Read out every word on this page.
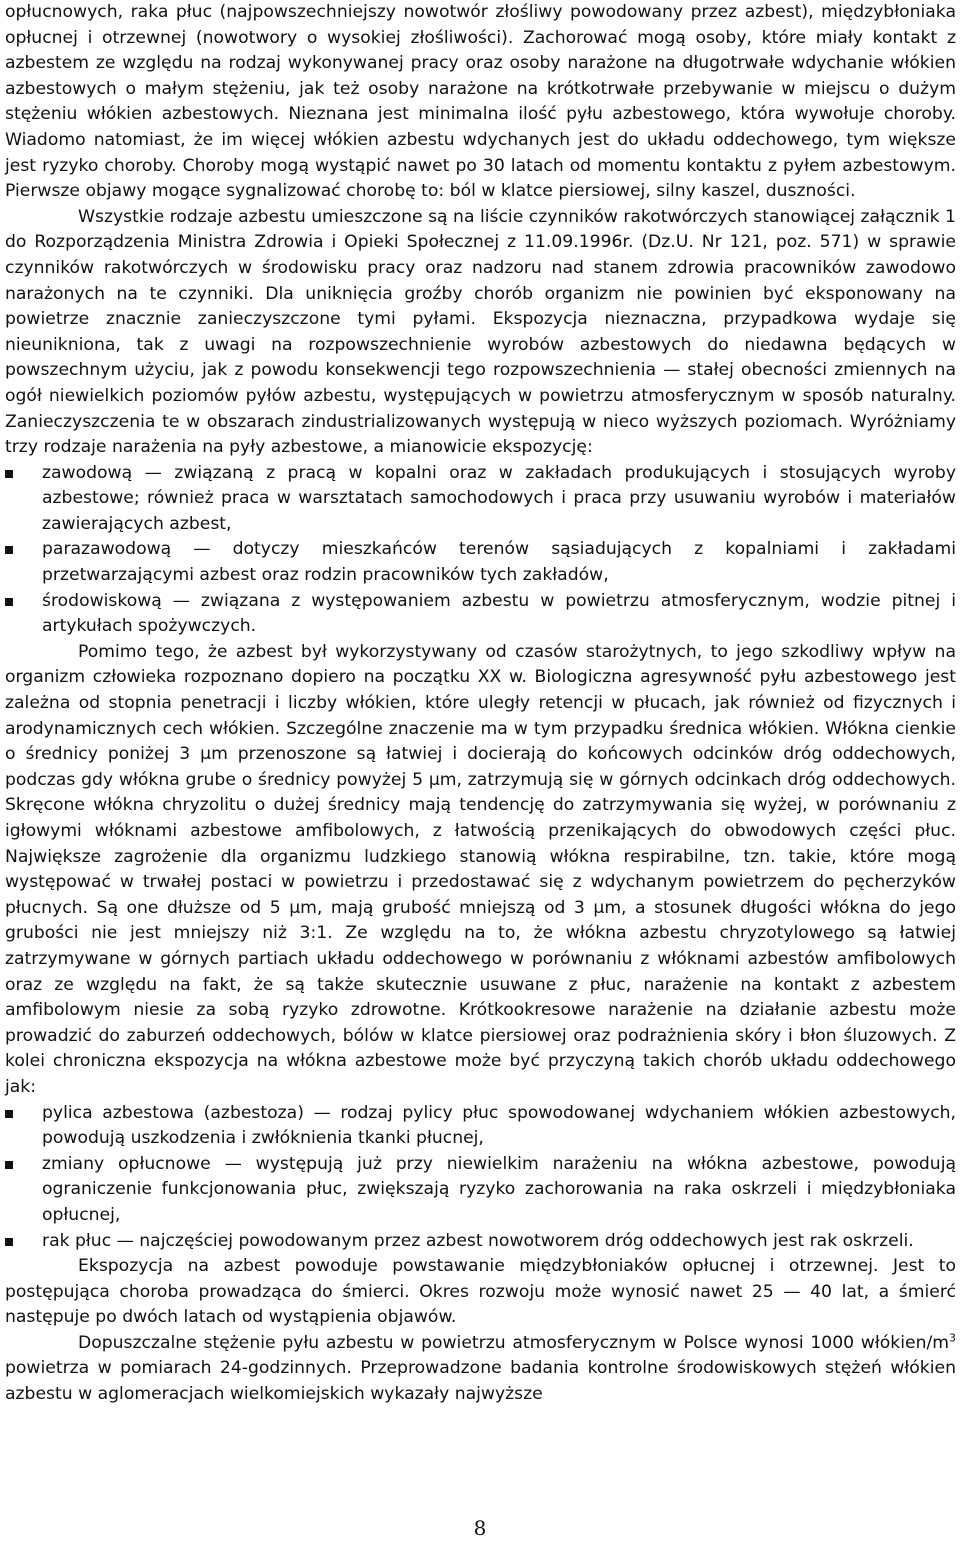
opłucnowych, raka płuc (najpowszechniejszy nowotwór złośliwy powodowany przez azbest), międzybłoniaka opłucnej i otrzewnej (nowotwory o wysokiej złośliwości). Zachorować mogą osoby, które miały kontakt z azbestem ze względu na rodzaj wykonywanej pracy oraz osoby narażone na długotrwałe wdychanie włókien azbestowych o małym stężeniu, jak też osoby narażone na krótkotrwałe przebywanie w miejscu o dużym stężeniu włókien azbestowych. Nieznana jest minimalna ilość pyłu azbestowego, która wywołuje choroby. Wiadomo natomiast, że im więcej włókien azbestu wdychanych jest do układu oddechowego, tym większe jest ryzyko choroby. Choroby mogą wystąpić nawet po 30 latach od momentu kontaktu z pyłem azbestowym. Pierwsze objawy mogące sygnalizować chorobę to: ból w klatce piersiowej, silny kaszel, duszności.

Wszystkie rodzaje azbestu umieszczone są na liście czynników rakotwórczych stanowiącej załącznik 1 do Rozporządzenia Ministra Zdrowia i Opieki Społecznej z 11.09.1996r. (Dz.U. Nr 121, poz. 571) w sprawie czynników rakotwórczych w środowisku pracy oraz nadzoru nad stanem zdrowia pracowników zawodowo narażonych na te czynniki. Dla uniknięcia groźby chorób organizm nie powinien być eksponowany na powietrze znacznie zanieczyszczone tymi pyłami. Ekspozycja nieznaczna, przypadkowa wydaje się nieunikniona, tak z uwagi na rozpowszechnienie wyrobów azbestowych do niedawna będących w powszechnym użyciu, jak z powodu konsekwencji tego rozpowszechnienia — stałej obecności zmiennych na ogół niewielkich poziomów pyłów azbestu, występujących w powietrzu atmosferycznym w sposób naturalny. Zanieczyszczenia te w obszarach zindustrializowanych występują w nieco wyższych poziomach. Wyróżniamy trzy rodzaje narażenia na pyły azbestowe, a mianowicie ekspozycję:

zawodową — związaną z pracą w kopalni oraz w zakładach produkujących i stosujących wyroby azbestowe; również praca w warsztatach samochodowych i praca przy usuwaniu wyrobów i materiałów zawierających azbest,
parazawodową — dotyczy mieszkańców terenów sąsiadujących z kopalniami i zakładami przetwarzającymi azbest oraz rodzin pracowników tych zakładów,
środowiskową — związana z występowaniem azbestu w powietrzu atmosferycznym, wodzie pitnej i artykułach spożywczych.

Pomimo tego, że azbest był wykorzystywany od czasów starożytnych, to jego szkodliwy wpływ na organizm człowieka rozpoznano dopiero na początku XX w. Biologiczna agresywność pyłu azbestowego jest zależna od stopnia penetracji i liczby włókien, które uległy retencji w płucach, jak również od fizycznych i arodynamicznych cech włókien. Szczególne znaczenie ma w tym przypadku średnica włókien. Włókna cienkie o średnicy poniżej 3 µm przenoszone są łatwiej i docierają do końcowych odcinków dróg oddechowych, podczas gdy włókna grube o średnicy powyżej 5 µm, zatrzymują się w górnych odcinkach dróg oddechowych. Skręcone włókna chryzolitu o dużej średnicy mają tendencję do zatrzymywania się wyżej, w porównaniu z igłowymi włóknami azbestowe amfibolowych, z łatwością przenikających do obwodowych części płuc. Największe zagrożenie dla organizmu ludzkiego stanowią włókna respirabilne, tzn. takie, które mogą występować w trwałej postaci w powietrzu i przedostawać się z wdychanym powietrzem do pęcherzyków płucnych. Są one dłuższe od 5 µm, mają grubość mniejszą od 3 µm, a stosunek długości włókna do jego grubości nie jest mniejszy niż 3:1. Ze względu na to, że włókna azbestu chryzotylowego są łatwiej zatrzymywane w górnych partiach układu oddechowego w porównaniu z włóknami azbestów amfibolowych oraz ze względu na fakt, że są także skutecznie usuwane z płuc, narażenie na kontakt z azbestem amfibolowym niesie za sobą ryzyko zdrowotne. Krótkookresowe narażenie na działanie azbestu może prowadzić do zaburzeń oddechowych, bólów w klatce piersiowej oraz podrażnienia skóry i błon śluzowych. Z kolei chroniczna ekspozycja na włókna azbestowe może być przyczyną takich chorób układu oddechowego jak:

pylica azbestowa (azbestoza) — rodzaj pylicy płuc spowodowanej wdychaniem włókien azbestowych, powodują uszkodzenia i zwłóknienia tkanki płucnej,
zmiany opłucnowe — występują już przy niewielkim narażeniu na włókna azbestowe, powodują ograniczenie funkcjonowania płuc, zwiększają ryzyko zachorowania na raka oskrzeli i międzybłoniaka opłucnej,
rak płuc — najczęściej powodowanym przez azbest nowotworem dróg oddechowych jest rak oskrzeli.

Ekspozycja na azbest powoduje powstawanie międzybłoniaków opłucnej i otrzewnej. Jest to postępująca choroba prowadząca do śmierci. Okres rozwoju może wynosić nawet 25 — 40 lat, a śmierć następuje po dwóch latach od wystąpienia objawów.

Dopuszczalne stężenie pyłu azbestu w powietrzu atmosferycznym w Polsce wynosi 1000 włókien/$m^3$ powietrza w pomiarach 24-godzinnych. Przeprowadzone badania kontrolne środowiskowych stężeń włókien azbestu w aglomeracjach wielkomiejskich wykazały najwyższe

8
